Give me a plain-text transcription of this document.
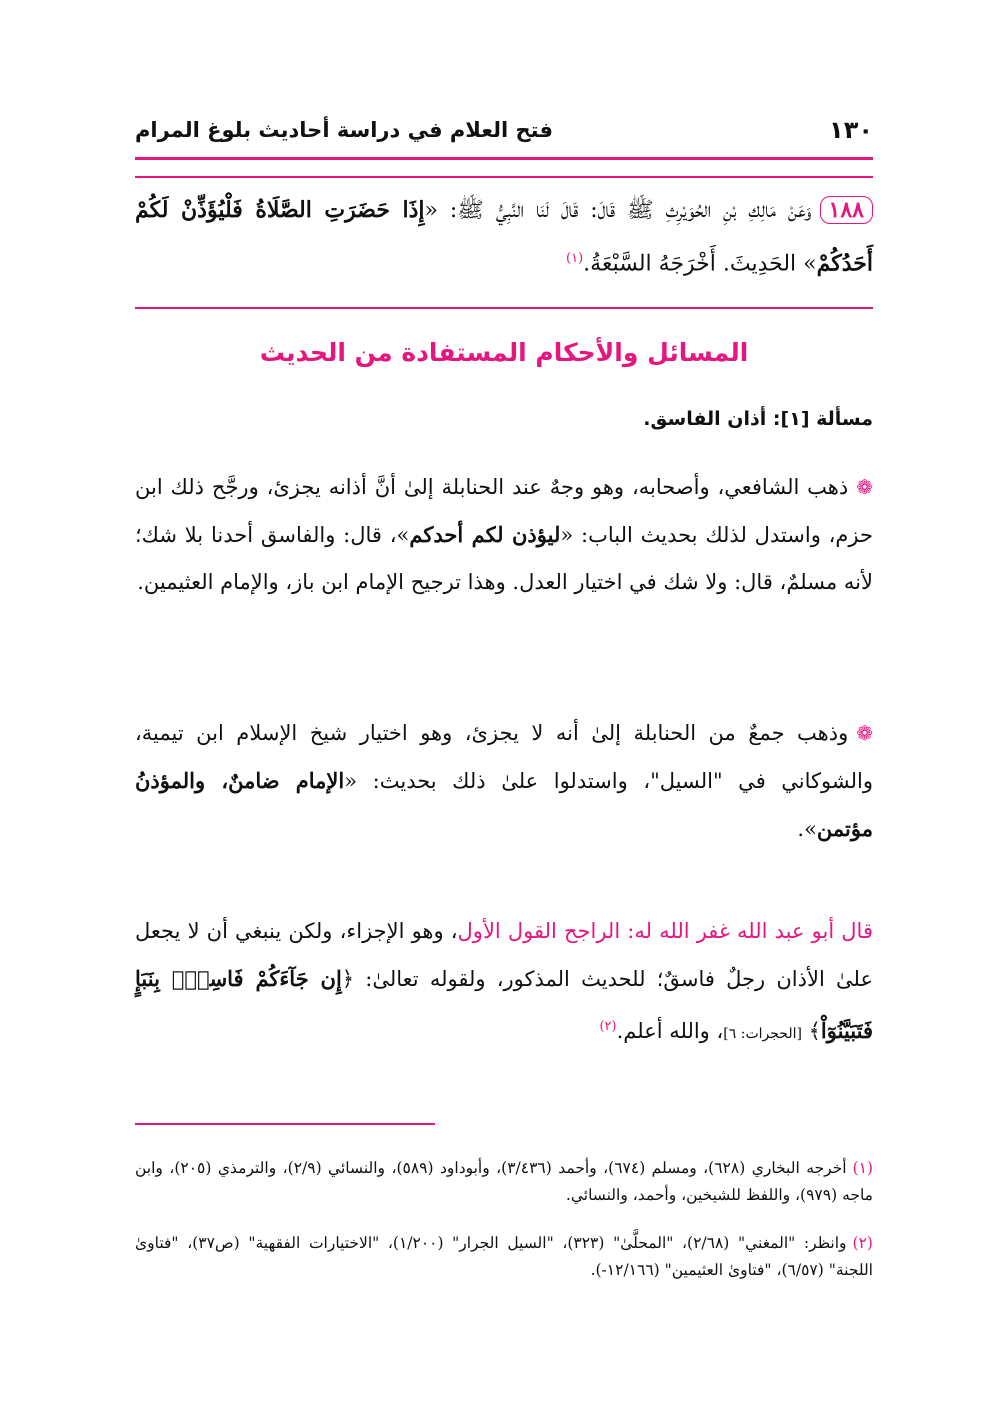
١٣٠
فتح العلام في دراسة أحاديث بلوغ المرام
١٨٨وَعَنْ مَالِكِ بْنِ الحُوَيْرِثِ ﷺ قَالَ: قَالَ لَنَا النَّبِيُّ ﷺ: «إِذَا حَضَرَتِ الصَّلَاةُ فَلْيُؤَذِّنْ لَكُمْ أَحَدُكُمْ» الحَدِيثَ. أَخْرَجَهُ السَّبْعَةُ.$^{(١)}$
المسائل والأحكام المستفادة من الحديث
مسألة [١]: أذان الفاسق.
❁ذهب الشافعي، وأصحابه، وهو وجهٌ عند الحنابلة إلىٰ أنَّ أذانه يجزئ، ورجَّح ذلك ابن حزم، واستدل لذلك بحديث الباب: «ليؤذن لكم أحدكم»، قال: والفاسق أحدنا بلا شك؛ لأنه مسلمٌ، قال: ولا شك في اختيار العدل. وهذا ترجيح الإمام ابن باز، والإمام العثيمين.
❁وذهب جمعٌ من الحنابلة إلىٰ أنه لا يجزئ، وهو اختيار شيخ الإسلام ابن تيمية، والشوكاني في "السيل"، واستدلوا علىٰ ذلك بحديث: «الإمام ضامنٌ، والمؤذنُ مؤتمن».
قال أبو عبد الله غفر الله له: الراجح القول الأول، وهو الإجزاء، ولكن ينبغي أن لا يجعل علىٰ الأذان رجلٌ فاسقٌ؛ للحديث المذكور، ولقوله تعالىٰ: ﴿إِن جَآءَكُمْ فَاسِقٌۢ بِنَبَإٍ فَتَبَيَّنُوٓاْ﴾ [الحجرات: ٦]، والله أعلم.$^{(٢)}$
(١)أخرجه البخاري (٦٢٨)، ومسلم (٦٧٤)، وأحمد (٣/٤٣٦)، وأبوداود (٥٨٩)، والنسائي (٢/٩)، والترمذي (٢٠٥)، وابن ماجه (٩٧٩)، واللفظ للشيخين، وأحمد، والنسائي.
(٢)وانظر: "المغني" (٢/٦٨)، "المحلَّىٰ" (٣٢٣)، "السيل الجرار" (١/٢٠٠)، "الاختيارات الفقهية" (ص٣٧)، "فتاوىٰ اللجنة" (٦/٥٧)، "فتاوىٰ العثيمين" (١٢/١٦٦-).
